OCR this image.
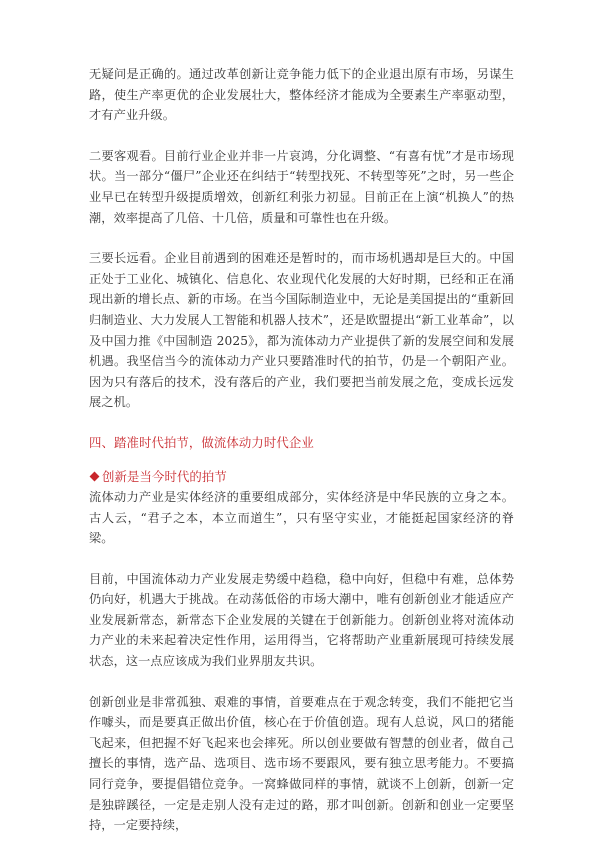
无疑问是正确的。通过改革创新让竞争能力低下的企业退出原有市场，另谋生路，使生产率更优的企业发展壮大，整体经济才能成为全要素生产率驱动型，才有产业升级。

二要客观看。目前行业企业并非一片哀鸿，分化调整、“有喜有忧”才是市场现状。当一部分“僵尸”企业还在纠结于“转型找死、不转型等死”之时，另一些企业早已在转型升级提质增效，创新红利张力初显。目前正在上演“机换人”的热潮，效率提高了几倍、十几倍，质量和可靠性也在升级。

三要长远看。企业目前遇到的困难还是暂时的，而市场机遇却是巨大的。中国正处于工业化、城镇化、信息化、农业现代化发展的大好时期，已经和正在涌现出新的增长点、新的市场。在当今国际制造业中，无论是美国提出的“重新回归制造业、大力发展人工智能和机器人技术”，还是欧盟提出“新工业革命”，以及中国力推《中国制造 2025》，都为流体动力产业提供了新的发展空间和发展机遇。我坚信当今的流体动力产业只要踏准时代的拍节，仍是一个朝阳产业。因为只有落后的技术，没有落后的产业，我们要把当前发展之危，变成长远发展之机。

四、踏准时代拍节，做流体动力时代企业

创新是当今时代的拍节

流体动力产业是实体经济的重要组成部分，实体经济是中华民族的立身之本。古人云，“君子之本，本立而道生”，只有坚守实业，才能挺起国家经济的脊梁。

目前，中国流体动力产业发展走势缓中趋稳，稳中向好，但稳中有难，总体势仍向好，机遇大于挑战。在动荡低俗的市场大潮中，唯有创新创业才能适应产业发展新常态，新常态下企业发展的关键在于创新能力。创新创业将对流体动力产业的未来起着决定性作用，运用得当，它将帮助产业重新展现可持续发展状态，这一点应该成为我们业界朋友共识。

创新创业是非常孤独、艰难的事情，首要难点在于观念转变，我们不能把它当作噱头，而是要真正做出价值，核心在于价值创造。现有人总说，风口的猪能飞起来，但把握不好飞起来也会摔死。所以创业要做有智慧的创业者，做自己擅长的事情，选产品、选项目、选市场不要跟风，要有独立思考能力。不要搞同行竞争，要提倡错位竞争。一窝蜂做同样的事情，就谈不上创新，创新一定是独辟蹊径，一定是走别人没有走过的路，那才叫创新。创新和创业一定要坚持，一定要持续，
